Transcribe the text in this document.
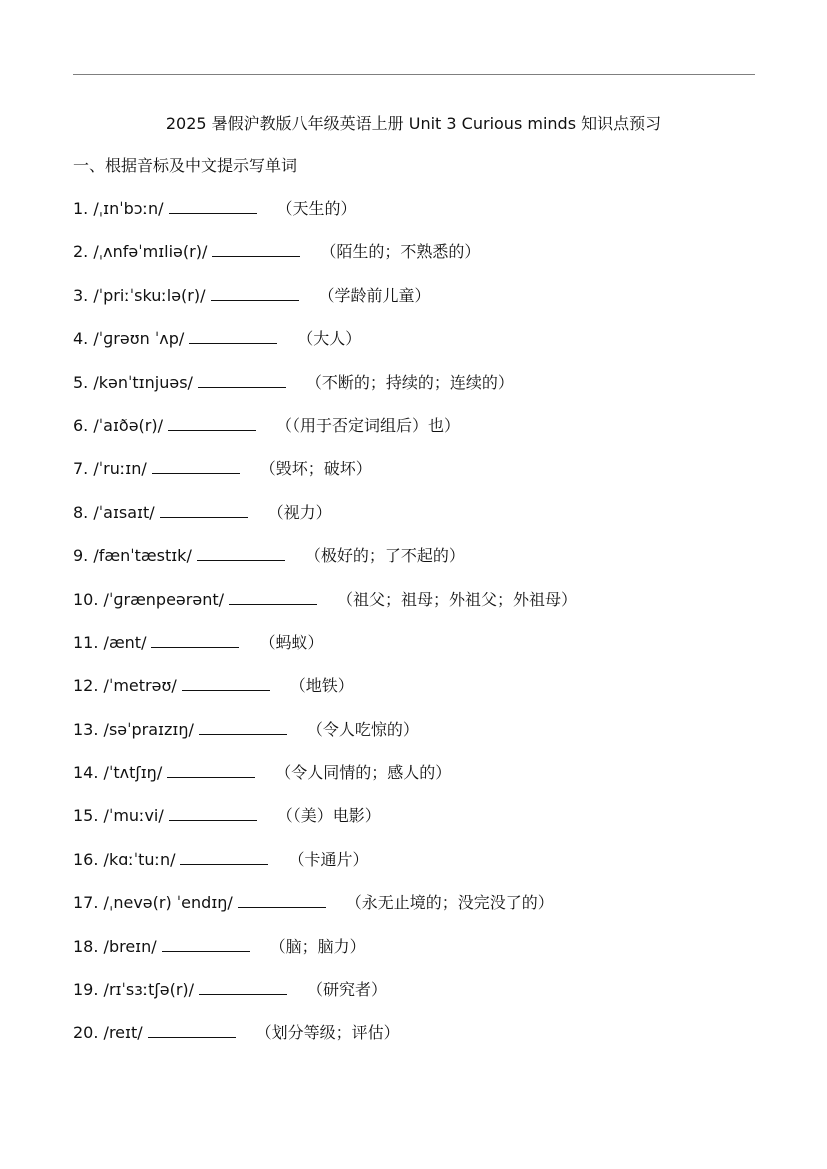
2025 暑假沪教版八年级英语上册 Unit 3 Curious minds 知识点预习
一、根据音标及中文提示写单词
1. /ˌɪnˈbɔːn/	（天生的）
2. /ˌʌnfəˈmɪliə(r)/	（陌生的；不熟悉的）
3. /ˈpriːˈskuːlə(r)/	（学龄前儿童）
4. /ˈɡrəʊn ˈʌp/	（大人）
5. /kənˈtɪnjuəs/	（不断的；持续的；连续的）
6. /ˈaɪðə(r)/	（（用于否定词组后）也）
7. /ˈruːɪn/	（毁坏；破坏）
8. /ˈaɪsaɪt/	（视力）
9. /fænˈtæstɪk/	（极好的；了不起的）
10. /ˈɡrænpeərənt/	（祖父；祖母；外祖父；外祖母）
11. /ænt/	（蚂蚁）
12. /ˈmetrəʊ/	（地铁）
13. /səˈpraɪzɪŋ/	（令人吃惊的）
14. /ˈtʌtʃɪŋ/	（令人同情的；感人的）
15. /ˈmuːvi/	（（美）电影）
16. /kɑːˈtuːn/	（卡通片）
17. /ˌnevə(r) ˈendɪŋ/	（永无止境的；没完没了的）
18. /breɪn/	（脑；脑力）
19. /rɪˈsɜːtʃə(r)/	（研究者）
20. /reɪt/	（划分等级；评估）
